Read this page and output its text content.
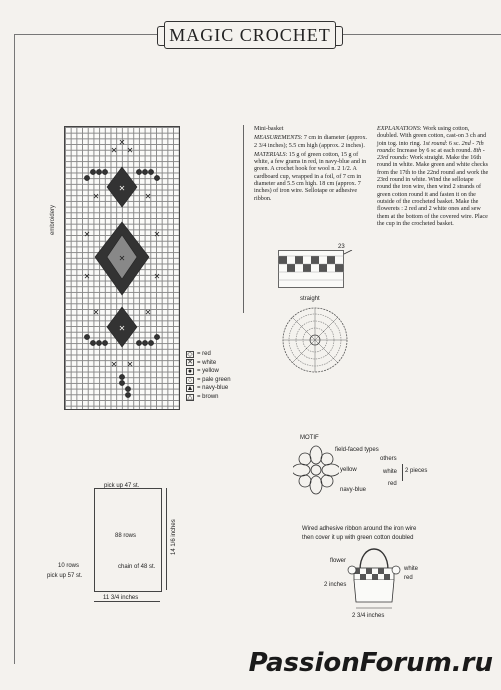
MAGIC CROCHET
✕
✕ ✕
✕
✕	✕
✕
✕	✕
✕	✕
✕	✕
✕
✕ ✕
embroidery
◇ = red
✕ = white
● = yellow
○ = pale green
▲ = navy-blue
△ = brown

Mini-basket

MEASUREMENTS: 7 cm in diameter (approx. 2 3/4 inches); 5.5 cm high (approx. 2 inches).

MATERIALS: 15 g of green cotton, 15 g of white, a few grams in red, in navy-blue and in green. A crochet hook for wool n. 2 1/2. A cardboard cup, wrapped in a foil, of 7 cm in diameter and 5.5 cm high. 18 cm (approx. 7 inches) of iron wire. Sellotape or adhesive ribbon.

EXPLANATIONS: Work using cotton, doubled. With green cotton, cast-on 3 ch and join tog. into ring. 1st round: 6 sc. 2nd - 7th rounds: Increase by 6 sc at each round. 8th - 23rd rounds: Work straight. Make the 16th round in white. Make green and white checks from the 17th to the 22nd round and work the 23rd round in white. Wind the sellotape round the iron wire, then wind 2 strands of green cotton round it and fasten it on the outside of the crocheted basket. Make the flowerets : 2 red and 2 white ones and sew them at the bottom of the covered wire. Place the cup in the crocheted basket.

23
straight
MOTIF
field-faced types
others
white
yellow	2 pieces
red
navy-blue
Wired adhesive ribbon around the iron wire
then cover it up with green cotton doubled
flower
white
red
2 inches
2 3/4 inches
pick up 47 st.
88 rows
chain of 48 st.
14 1/6 inches
10 rows
pick up 57 st.
11 3/4 inches
PassionForum.ru
